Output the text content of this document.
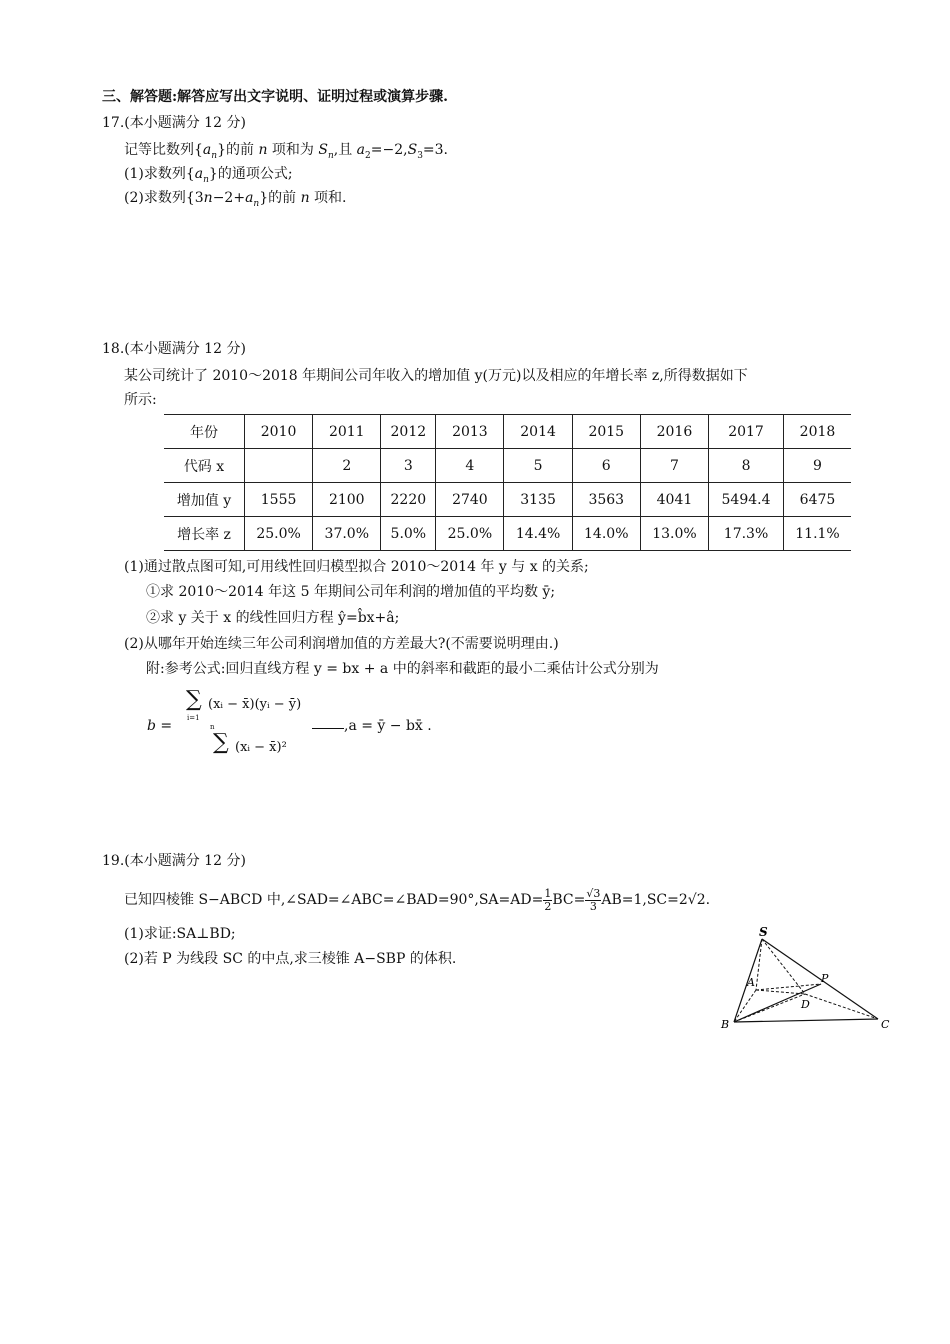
三、解答题:解答应写出文字说明、证明过程或演算步骤.
17.(本小题满分 12 分)
记等比数列$\{a_n\}$的前 n 项和为 $S_n$,且 $a_2=-2,S_3=3$.
(1)求数列$\{a_n\}$的通项公式;
(2)求数列$\{3n-2+a_n\}$的前 n 项和.
18.(本小题满分 12 分)
某公司统计了 2010～2018 年期间公司年收入的增加值 y(万元)以及相应的年增长率 z,所得数据如下
所示:
年份	2010	2011	2012	2013	2014	2015	2016	2017	2018
代码 x		2	3	4	5	6	7	8	9
增加值 y	1555	2100	2220	2740	3135	3563	4041	5494.4	6475
增长率 z	25.0%	37.0%	5.0%	25.0%	14.4%	14.0%	13.0%	17.3%	11.1%
(1)通过散点图可知,可用线性回归模型拟合 2010～2014 年 y 与 x 的关系;
①求 2010～2014 年这 5 年期间公司年利润的增加值的平均数 ȳ;
②求 y 关于 x 的线性回归方程 ŷ=b̂x+â;
(2)从哪年开始连续三年公司利润增加值的方差最大?(不需要说明理由.)
附:参考公式:回归直线方程 y = bx + a 中的斜率和截距的最小二乘估计公式分别为
b =
∑
i=1
(xᵢ − x̄)(yᵢ − ȳ)
n
∑ (xᵢ − x̄)²
,a = ȳ − bx̄ .
19.(本小题满分 12 分)
已知四棱锥 S−ABCD 中,∠SAD=∠ABC=∠BAD=90°,SA=AD= $\frac{1}{2} BC= \frac{√3}{3} AB=1,SC=2√2$.
(1)求证:SA⊥BD;
(2)若 P 为线段 SC 的中点,求三棱锥 A−SBP 的体积.
S
A	P
D
B	C
